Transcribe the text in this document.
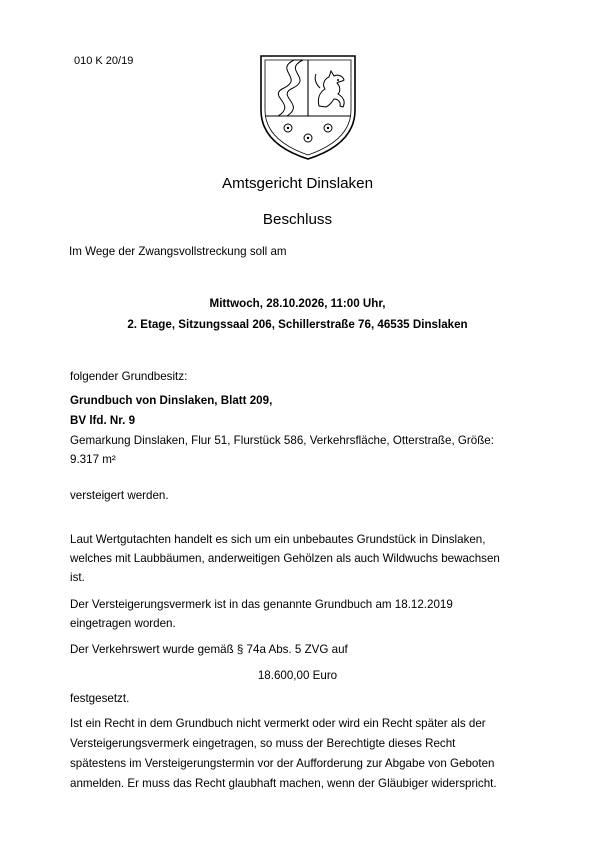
010 K 20/19
Amtsgericht Dinslaken
Beschluss
Im Wege der Zwangsvollstreckung soll am
Mittwoch, 28.10.2026, 11:00 Uhr,
2. Etage, Sitzungssaal 206, Schillerstraße 76, 46535 Dinslaken
folgender Grundbesitz:
Grundbuch von Dinslaken, Blatt 209,
BV lfd. Nr. 9
Gemarkung Dinslaken, Flur 51, Flurstück 586, Verkehrsfläche, Otterstraße, Größe:
9.317 m²
versteigert werden.
Laut Wertgutachten handelt es sich um ein unbebautes Grundstück in Dinslaken,
welches mit Laubbäumen, anderweitigen Gehölzen als auch Wildwuchs bewachsen
ist.
Der Versteigerungsvermerk ist in das genannte Grundbuch am 18.12.2019
eingetragen worden.
Der Verkehrswert wurde gemäß § 74a Abs. 5 ZVG auf
18.600,00 Euro
festgesetzt.
Ist ein Recht in dem Grundbuch nicht vermerkt oder wird ein Recht später als der
Versteigerungsvermerk eingetragen, so muss der Berechtigte dieses Recht
spätestens im Versteigerungstermin vor der Aufforderung zur Abgabe von Geboten
anmelden. Er muss das Recht glaubhaft machen, wenn der Gläubiger widerspricht.
